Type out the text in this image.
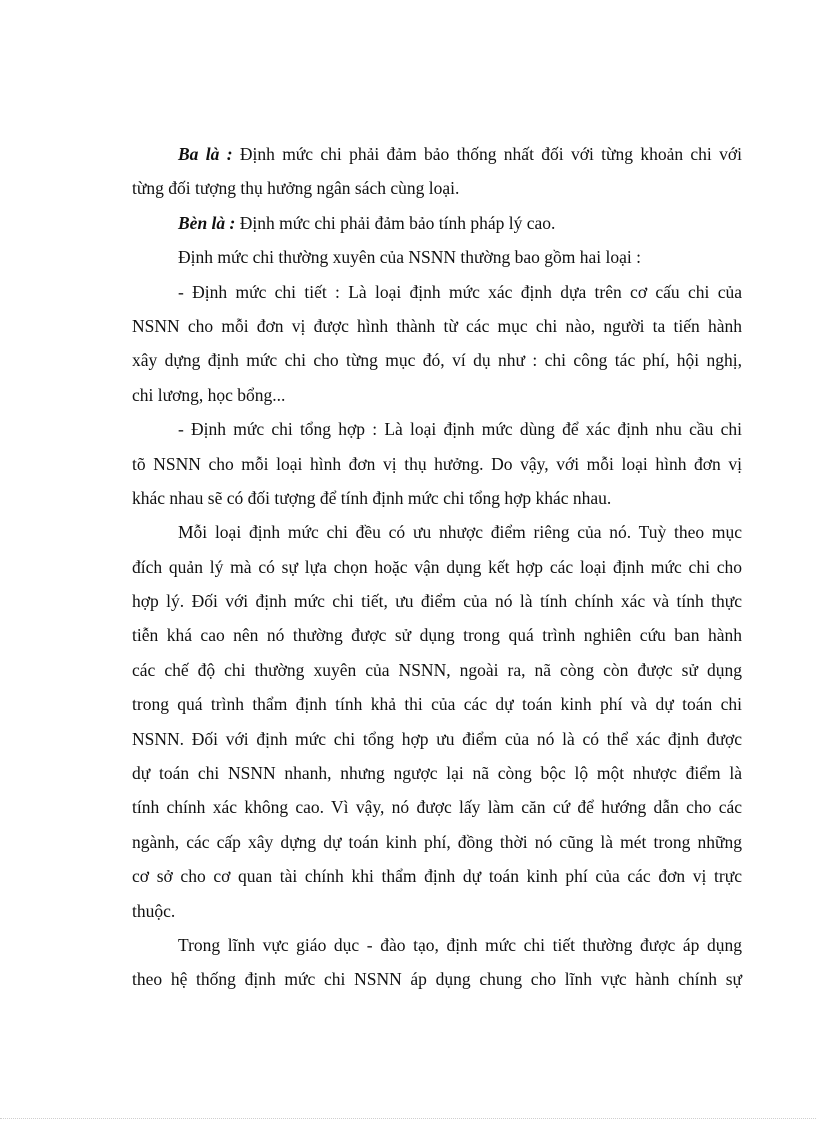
Ba là : Định mức chi phải đảm bảo thống nhất đối với từng khoản chi với
từng đối tượng thụ hưởng ngân sách cùng loại.
Bèn là : Định mức chi phải đảm bảo tính pháp lý cao.
Định mức chi thường xuyên của NSNN thường bao gồm hai loại :
- Định mức chi tiết : Là loại định mức xác định dựa trên cơ cấu chi của
NSNN cho mỗi đơn vị được hình thành từ các mục chi nào, người ta tiến hành
xây dựng định mức chi cho từng mục đó, ví dụ như : chi công tác phí, hội nghị,
chi lương, học bổng...
- Định mức chi tổng hợp : Là loại định mức dùng để xác định nhu cầu chi
tõ NSNN cho mỗi loại hình đơn vị thụ hưởng. Do vậy, với mỗi loại hình đơn vị
khác nhau sẽ có đối tượng để tính định mức chi tổng hợp khác nhau.
Mỗi loại định mức chi đều có ưu nhược điểm riêng của nó. Tuỳ theo mục
đích quản lý mà có sự lựa chọn hoặc vận dụng kết hợp các loại định mức chi cho
hợp lý. Đối với định mức chi tiết, ưu điểm của nó là tính chính xác và tính thực
tiễn khá cao nên nó thường được sử dụng trong quá trình nghiên cứu ban hành
các chế độ chi thường xuyên của NSNN, ngoài ra, nã còng còn được sử dụng
trong quá trình thẩm định tính khả thi của các dự toán kinh phí và dự toán chi
NSNN. Đối với định mức chi tổng hợp ưu điểm của nó là có thể xác định được
dự toán chi NSNN nhanh, nhưng ngược lại nã còng bộc lộ một nhược điểm là
tính chính xác không cao. Vì vậy, nó được lấy làm căn cứ để hướng dẫn cho các
ngành, các cấp xây dựng dự toán kinh phí, đồng thời nó cũng là mét trong những
cơ sở cho cơ quan tài chính khi thẩm định dự toán kinh phí của các đơn vị trực
thuộc.
Trong lĩnh vực giáo dục - đào tạo, định mức chi tiết thường được áp dụng
theo hệ thống định mức chi NSNN áp dụng chung cho lĩnh vực hành chính sự
